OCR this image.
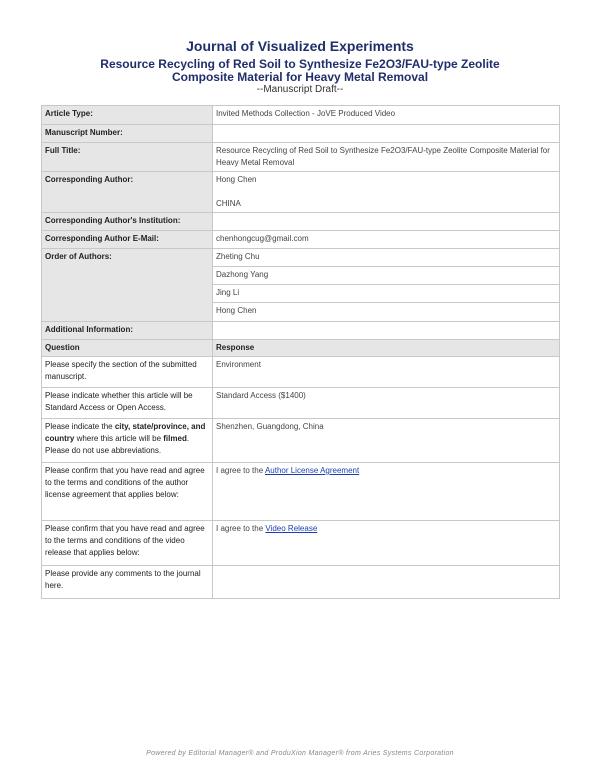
Journal of Visualized Experiments
Resource Recycling of Red Soil to Synthesize Fe2O3/FAU-type Zeolite Composite Material for Heavy Metal Removal
--Manuscript Draft--
Article Type:	Invited Methods Collection - JoVE Produced Video
Manuscript Number:	
Full Title:	Resource Recycling of Red Soil to Synthesize Fe2O3/FAU-type Zeolite Composite Material for Heavy Metal Removal
Corresponding Author:	Hong Chen
CHINA

Corresponding Author's Institution:	
Corresponding Author E-Mail:	chenhongcug@gmail.com
Order of Authors:	Zheting Chu
Dazhong Yang
Jing Li
Hong Chen

Additional Information:	
Question	Response
Please specify the section of the submitted manuscript.	Environment
Please indicate whether this article will be Standard Access or Open Access.	Standard Access ($1400)
Please indicate the city, state/province, and country where this article will be filmed. Please do not use abbreviations.	Shenzhen, Guangdong, China
Please confirm that you have read and agree to the terms and conditions of the author license agreement that applies below:	I agree to the Author License Agreement
Please confirm that you have read and agree to the terms and conditions of the video release that applies below:	I agree to the Video Release
Please provide any comments to the journal here.	
Powered by Editorial Manager® and ProduXion Manager® from Aries Systems Corporation
